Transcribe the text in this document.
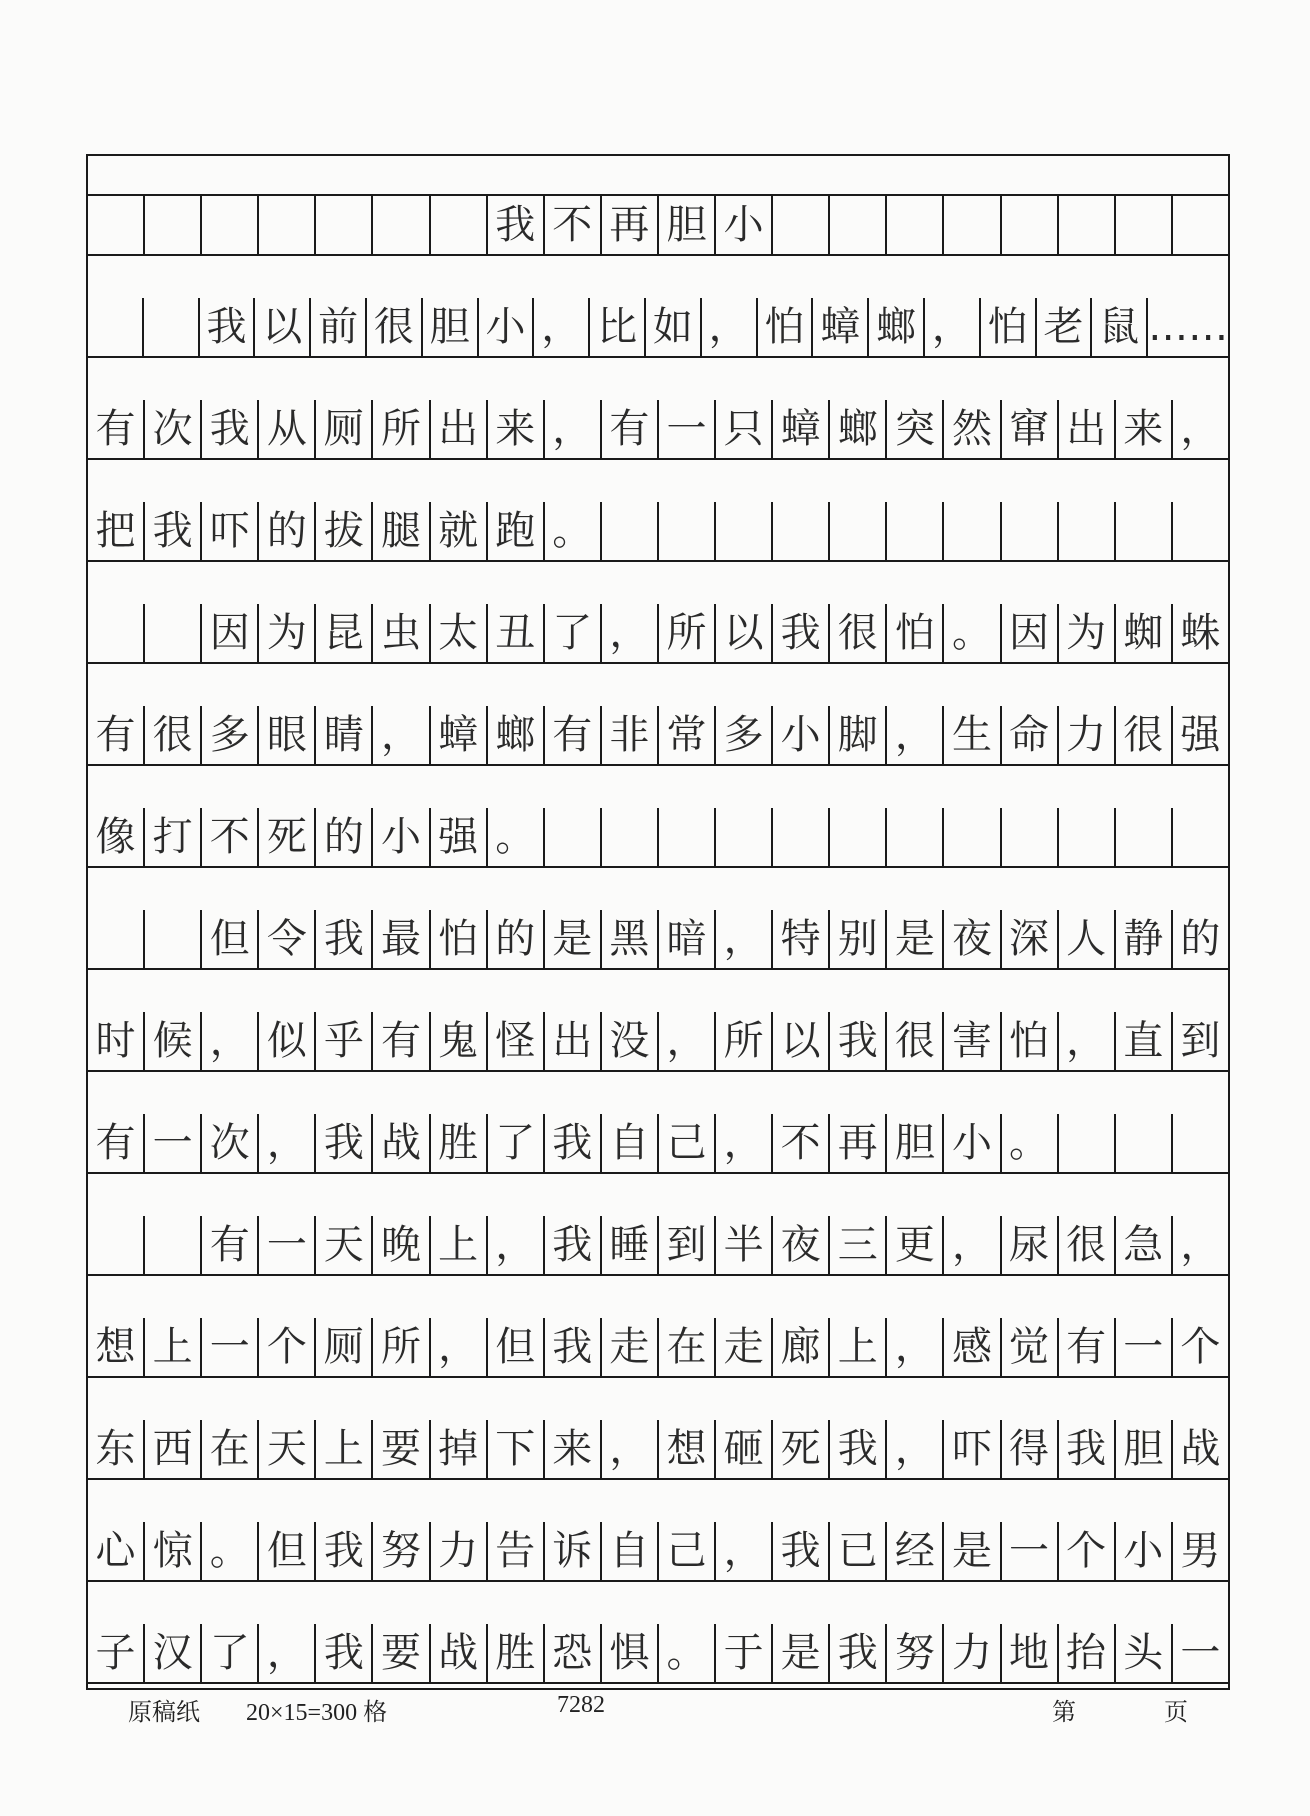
我 不 再 胆 小
我 以 前 很 胆 小 ， 比 如 ， 怕 蟑 螂 ， 怕 老 鼠 ……
有 次 我 从 厕 所 出 来 ， 有 一 只 蟑 螂 突 然 窜 出 来 ，
把 我 吓 的 拔 腿 就 跑 。
因 为 昆 虫 太 丑 了 ， 所 以 我 很 怕 。 因 为 蜘 蛛
有 很 多 眼 睛 ， 蟑 螂 有 非 常 多 小 脚 ， 生 命 力 很 强
像 打 不 死 的 小 强 。
但 令 我 最 怕 的 是 黑 暗 ， 特 别 是 夜 深 人 静 的
时 候 ， 似 乎 有 鬼 怪 出 没 ， 所 以 我 很 害 怕 ， 直 到
有 一 次 ， 我 战 胜 了 我 自 己 ， 不 再 胆 小 。
有 一 天 晚 上 ， 我 睡 到 半 夜 三 更 ， 尿 很 急 ，
想 上 一 个 厕 所 ， 但 我 走 在 走 廊 上 ， 感 觉 有 一 个
东 西 在 天 上 要 掉 下 来 ， 想 砸 死 我 ， 吓 得 我 胆 战
心 惊 。 但 我 努 力 告 诉 自 己 ， 我 已 经 是 一 个 小 男
子 汉 了 ， 我 要 战 胜 恐 惧 。 于 是 我 努 力 地 抬 头 一
原稿纸 20×15=300 格	7282	第	页
